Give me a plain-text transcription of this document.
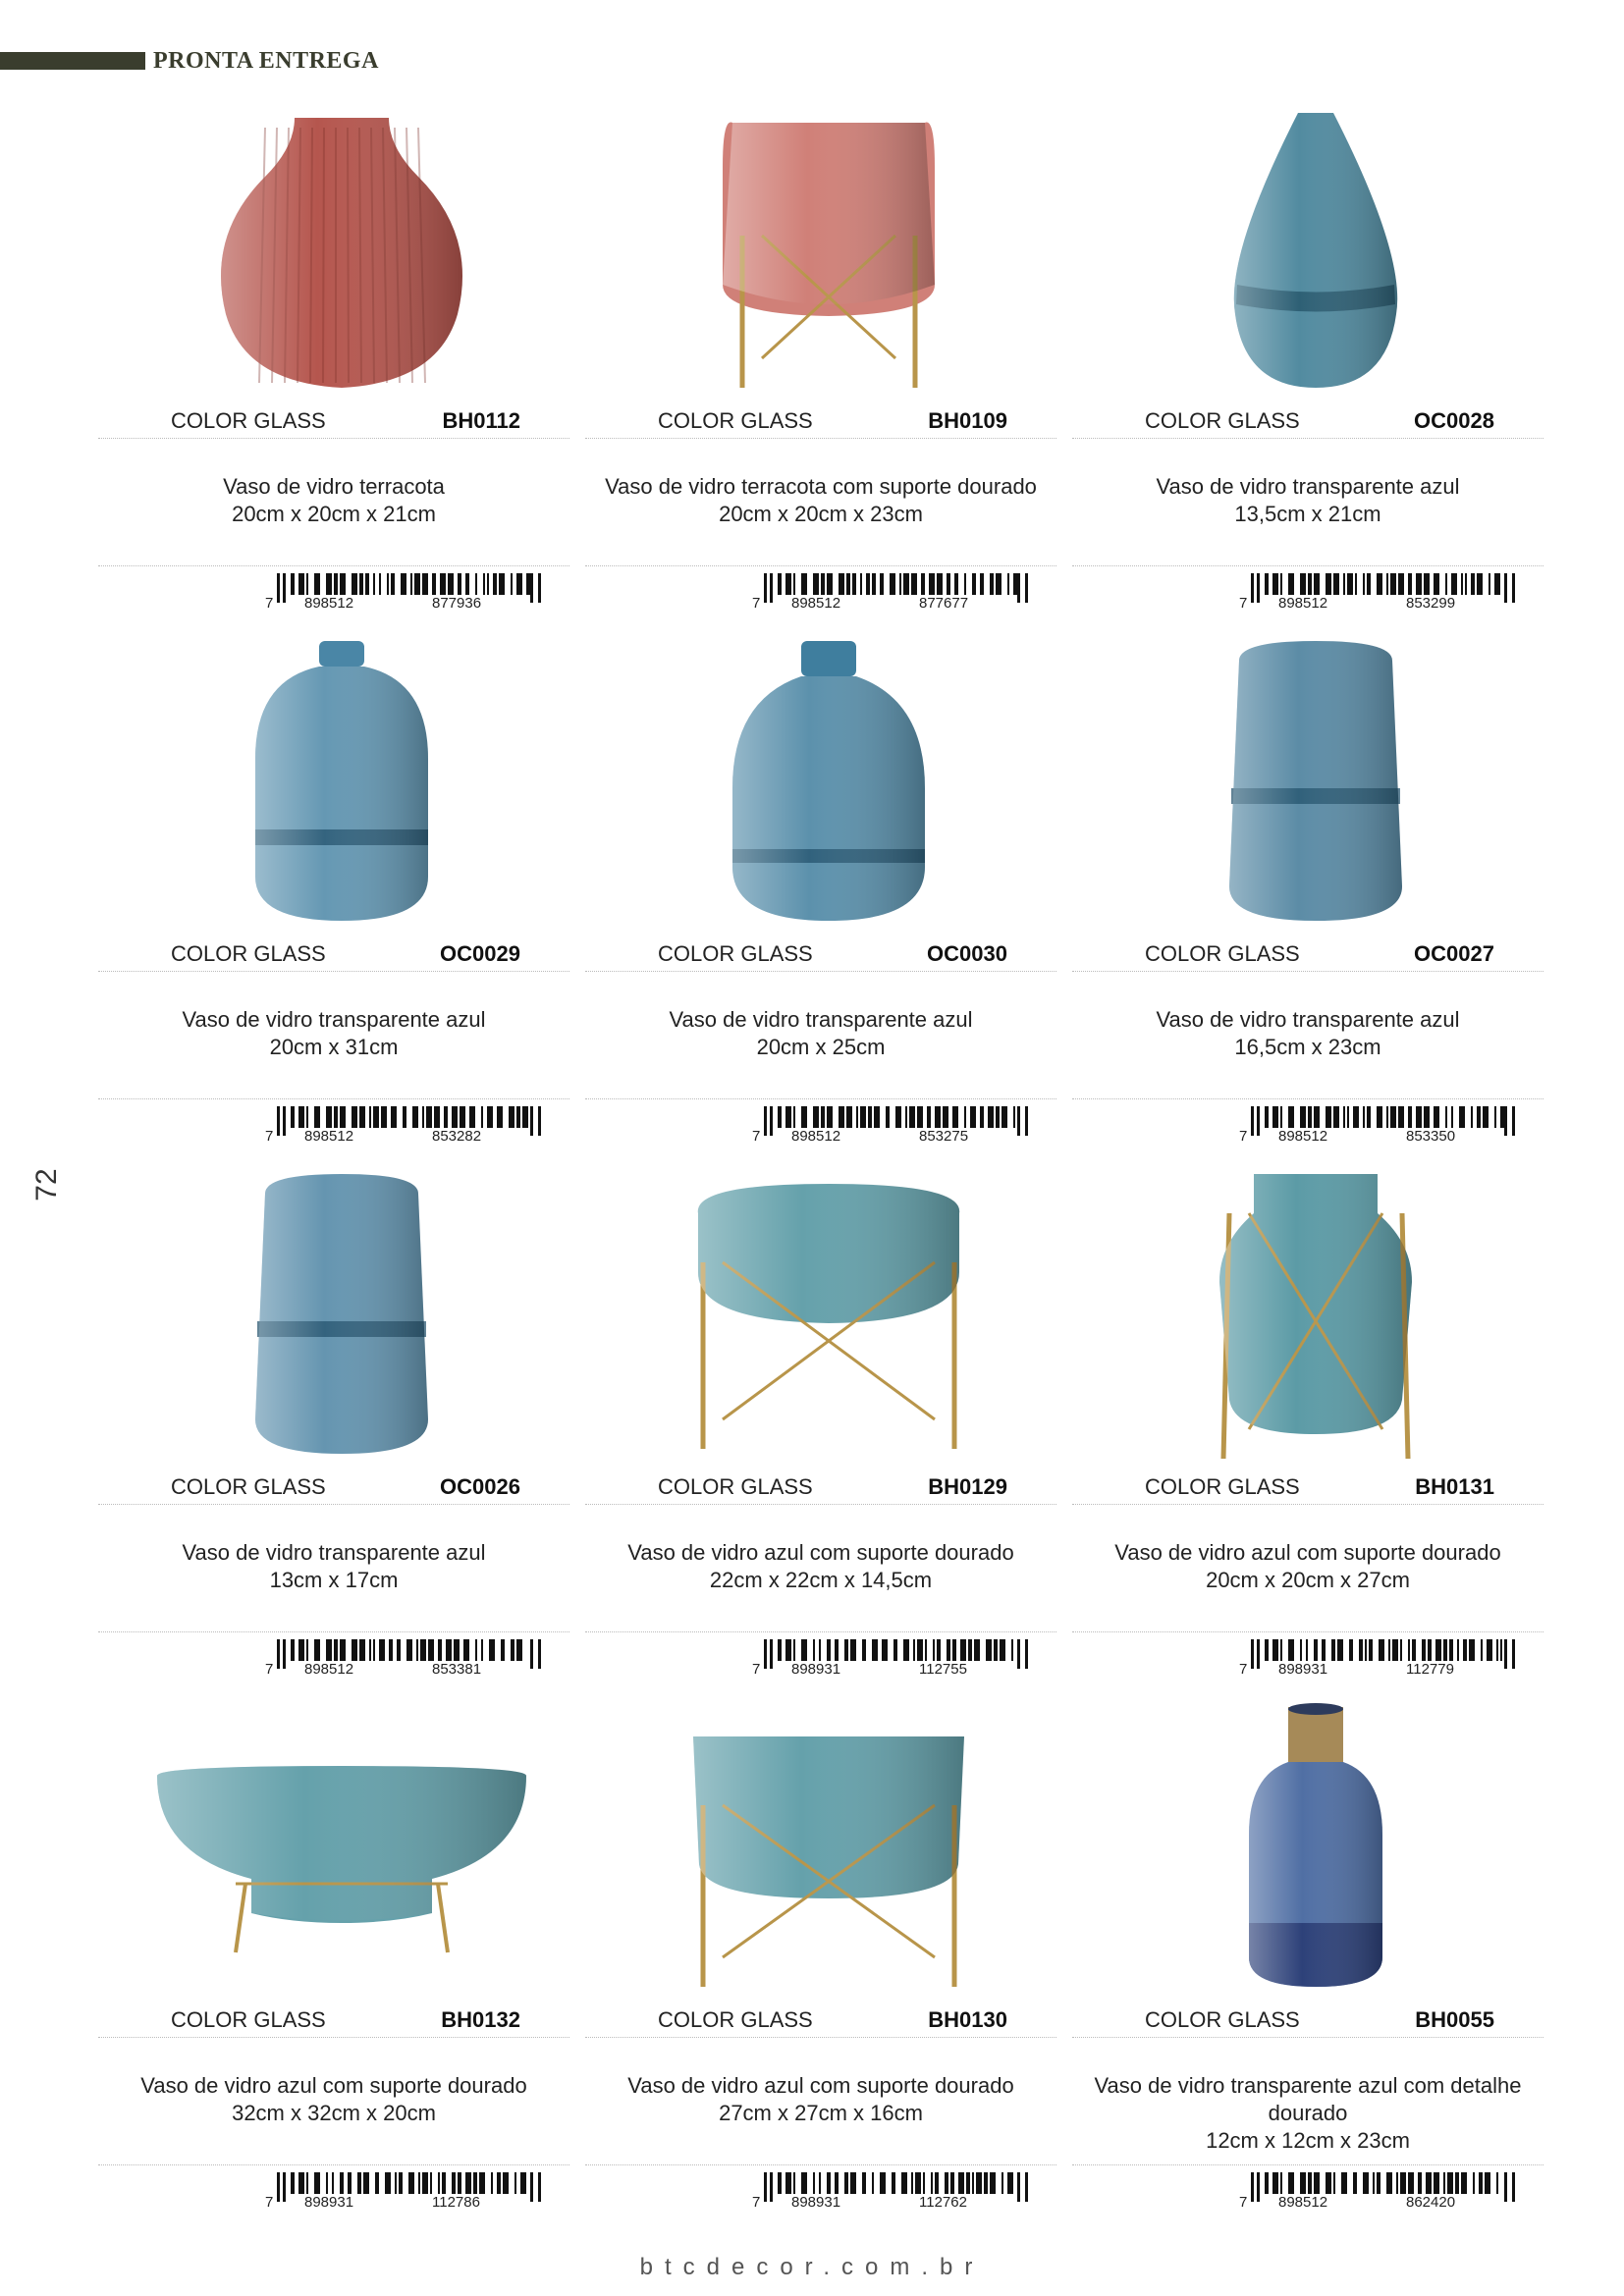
PRONTA ENTREGA
72
COLOR GLASS	BH0112
Vaso de vidro terracota
20cm x 20cm x 21cm
7 898512	877936
COLOR GLASS	BH0109
Vaso de vidro terracota com suporte dourado
20cm x 20cm x 23cm
7 898512	877677
COLOR GLASS	OC0028
Vaso de vidro transparente azul
13,5cm x 21cm
7 898512	853299
COLOR GLASS	OC0029
Vaso de vidro transparente azul
20cm x 31cm
7 898512	853282
COLOR GLASS	OC0030
Vaso de vidro transparente azul
20cm x 25cm
7 898512	853275
COLOR GLASS	OC0027
Vaso de vidro transparente azul
16,5cm x 23cm
7 898512	853350
COLOR GLASS	OC0026
Vaso de vidro transparente azul
13cm x 17cm
7 898512	853381
COLOR GLASS	BH0129
Vaso de vidro azul com suporte dourado
22cm x 22cm x 14,5cm
7 898931	112755
COLOR GLASS	BH0131
Vaso de vidro azul com suporte dourado
20cm x 20cm x 27cm
7 898931	112779
COLOR GLASS	BH0132
Vaso de vidro azul com suporte dourado
32cm x 32cm x 20cm
7 898931	112786
COLOR GLASS	BH0130
Vaso de vidro azul com suporte dourado
27cm x 27cm x 16cm
7 898931	112762
COLOR GLASS	BH0055
Vaso de vidro transparente azul com detalhe
dourado
12cm x 12cm x 23cm
7 898512	862420
btcdecor.com.br
